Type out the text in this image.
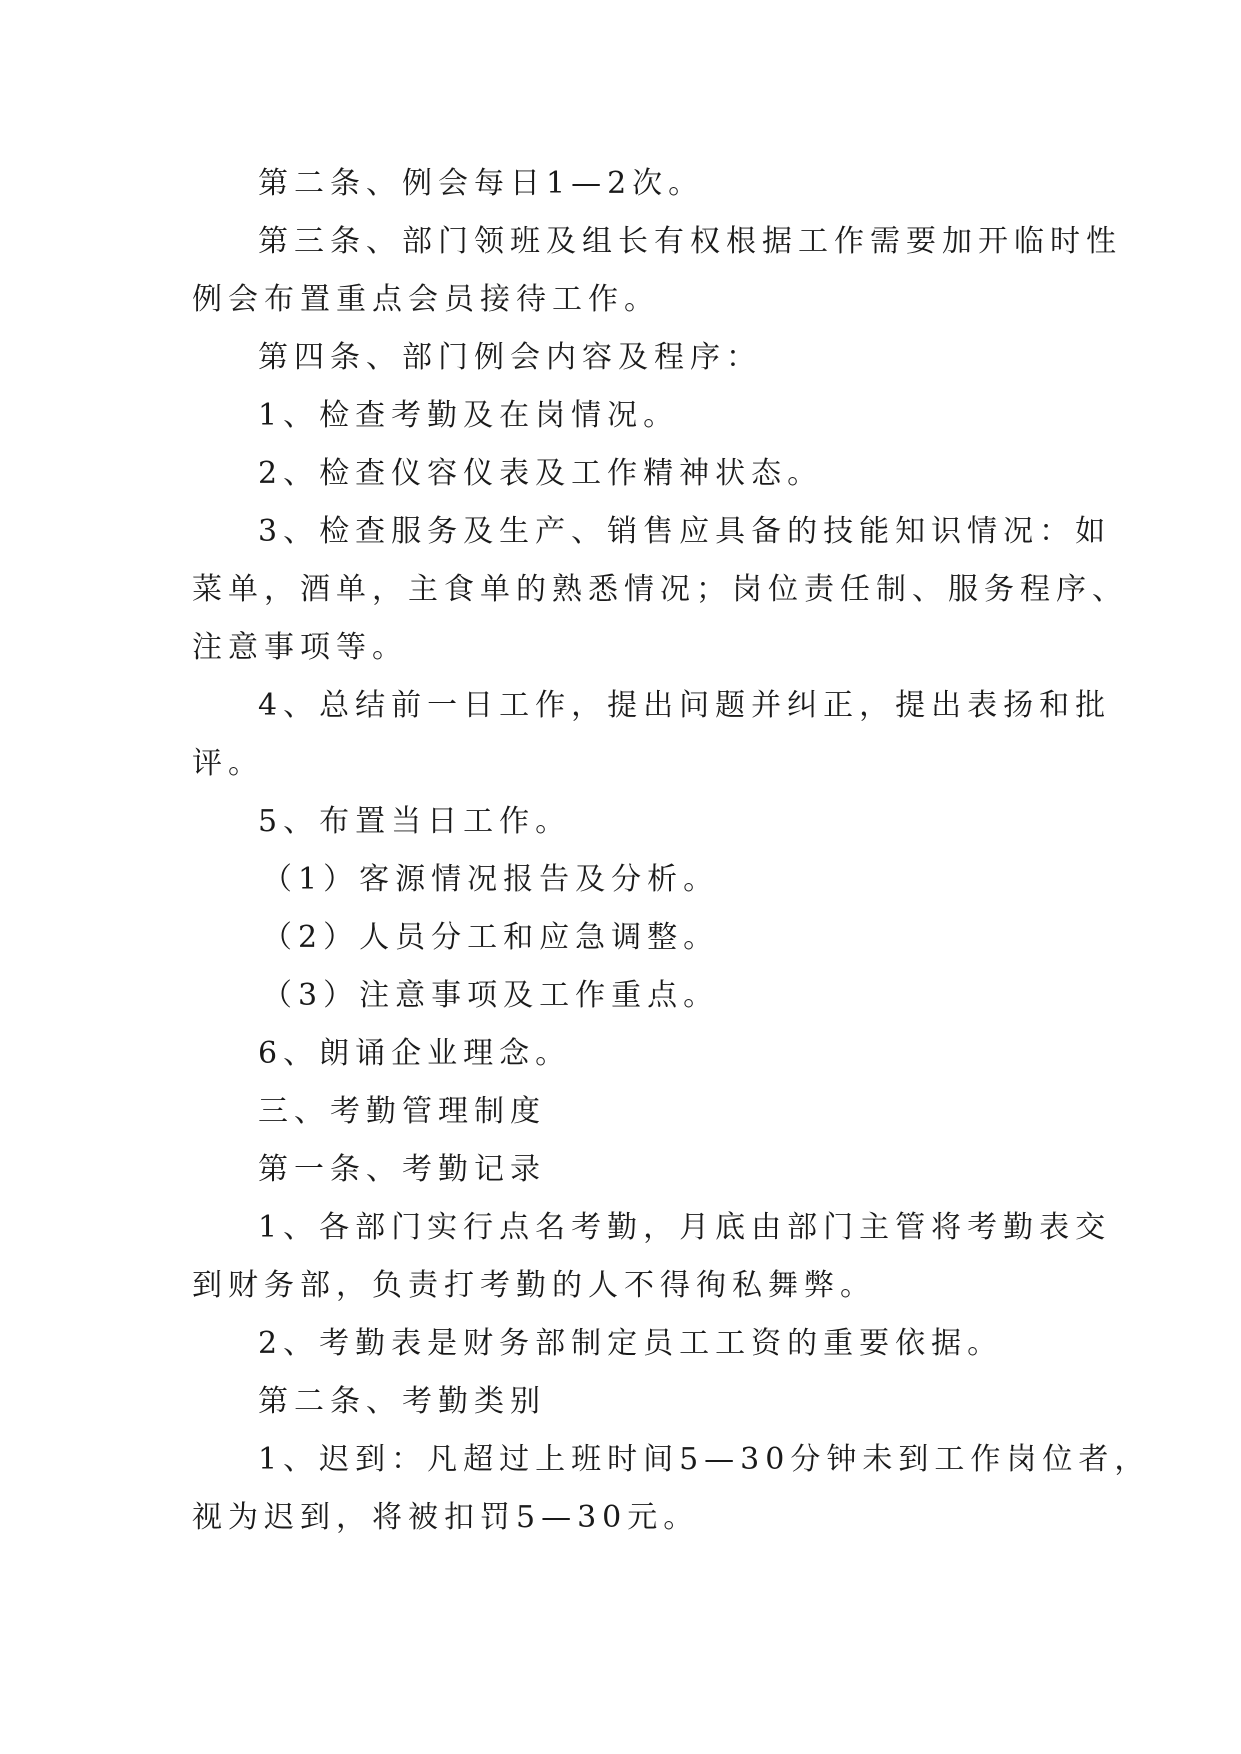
第二条、例会每日1—2次。
第三条、部门领班及组长有权根据工作需要加开临时性
例会布置重点会员接待工作。
第四条、部门例会内容及程序：
1、检查考勤及在岗情况。
2、检查仪容仪表及工作精神状态。
3、检查服务及生产、销售应具备的技能知识情况：如
菜单，酒单，主食单的熟悉情况；岗位责任制、服务程序、
注意事项等。
4、总结前一日工作，提出问题并纠正，提出表扬和批
评。
5、布置当日工作。
（1）客源情况报告及分析。
（2）人员分工和应急调整。
（3）注意事项及工作重点。
6、朗诵企业理念。
三、考勤管理制度
第一条、考勤记录
1、各部门实行点名考勤，月底由部门主管将考勤表交
到财务部，负责打考勤的人不得徇私舞弊。
2、考勤表是财务部制定员工工资的重要依据。
第二条、考勤类别
1、迟到：凡超过上班时间5—30分钟未到工作岗位者，
视为迟到，将被扣罚5—30元。
